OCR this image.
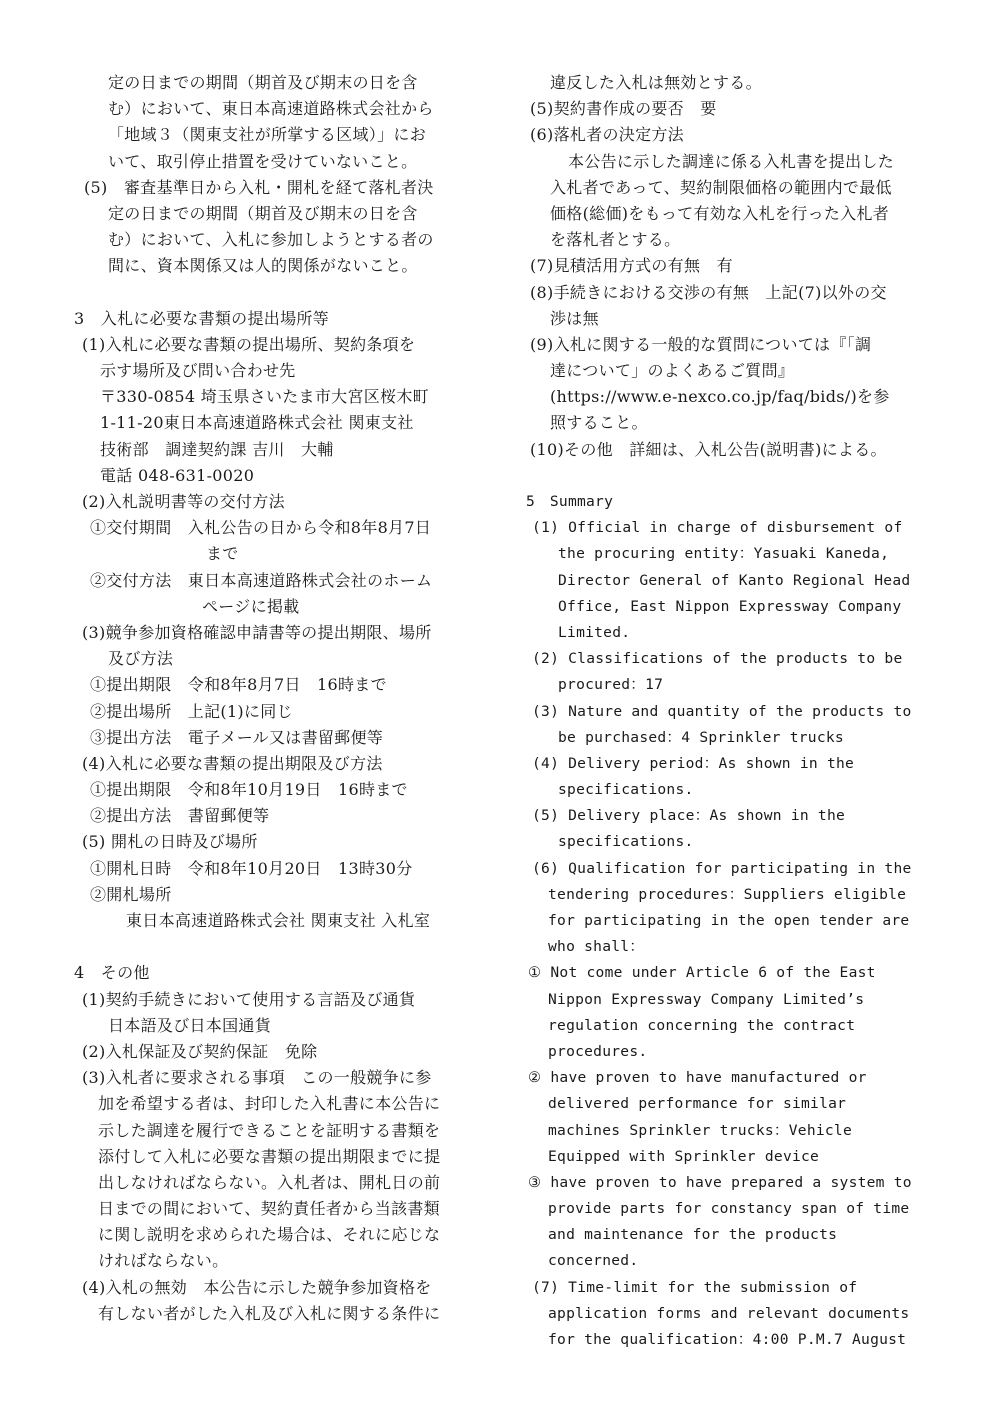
定の日までの期間（期首及び期末の日を含
む）において、東日本高速道路株式会社から
「地域３（関東支社が所掌する区域）」にお
いて、取引停止措置を受けていないこと。
(5)　審査基準日から入札・開札を経て落札者決
定の日までの期間（期首及び期末の日を含
む）において、入札に参加しようとする者の
間に、資本関係又は人的関係がないこと。
3　入札に必要な書類の提出場所等
(1)入札に必要な書類の提出場所、契約条項を
示す場所及び問い合わせ先
〒330-0854 埼玉県さいたま市大宮区桜木町
1-11-20東日本高速道路株式会社 関東支社
技術部　調達契約課 吉川　大輔
電話 048-631-0020
(2)入札説明書等の交付方法
①交付期間　入札公告の日から令和8年8月7日
まで
②交付方法　東日本高速道路株式会社のホーム
ページに掲載
(3)競争参加資格確認申請書等の提出期限、場所
及び方法
①提出期限　令和8年8月7日　16時まで
②提出場所　上記(1)に同じ
③提出方法　電子メール又は書留郵便等
(4)入札に必要な書類の提出期限及び方法
①提出期限　令和8年10月19日　16時まで
②提出方法　書留郵便等
(5) 開札の日時及び場所
①開札日時　令和8年10月20日　13時30分
②開札場所
東日本高速道路株式会社 関東支社 入札室
4　その他
(1)契約手続きにおいて使用する言語及び通貨
日本語及び日本国通貨
(2)入札保証及び契約保証　免除
(3)入札者に要求される事項　この一般競争に参
加を希望する者は、封印した入札書に本公告に
示した調達を履行できることを証明する書類を
添付して入札に必要な書類の提出期限までに提
出しなければならない。入札者は、開札日の前
日までの間において、契約責任者から当該書類
に関し説明を求められた場合は、それに応じな
ければならない。
(4)入札の無効　本公告に示した競争参加資格を
有しない者がした入札及び入札に関する条件に
違反した入札は無効とする。
(5)契約書作成の要否　要
(6)落札者の決定方法
本公告に示した調達に係る入札書を提出した
入札者であって、契約制限価格の範囲内で最低
価格(総価)をもって有効な入札を行った入札者
を落札者とする。
(7)見積活用方式の有無　有
(8)手続きにおける交渉の有無　上記(7)以外の交
渉は無
(9)入札に関する一般的な質問については『「調
達について」のよくあるご質問』
(https://www.e-nexco.co.jp/faq/bids/)を参
照すること。
(10)その他　詳細は、入札公告(説明書)による。
5　Summary
(1) Official in charge of disbursement of
the procuring entity：Yasuaki Kaneda,
Director General of Kanto Regional Head
Office, East Nippon Expressway Company
Limited.
(2) Classifications of the products to be
procured：17
(3) Nature and quantity of the products to
be purchased：4 Sprinkler trucks
(4) Delivery period：As shown in the
specifications.
(5) Delivery place：As shown in the
specifications.
(6) Qualification for participating in the
tendering procedures：Suppliers eligible
for participating in the open tender are
who shall：
① Not come under Article 6 of the East
Nippon Expressway Company Limited’s
regulation concerning the contract
procedures.
② have proven to have manufactured or
delivered performance for similar
machines Sprinkler trucks：Vehicle
Equipped with Sprinkler device
③ have proven to have prepared a system to
provide parts for constancy span of time
and maintenance for the products
concerned.
(7) Time-limit for the submission of
application forms and relevant documents
for the qualification：4:00 P.M.7 August
